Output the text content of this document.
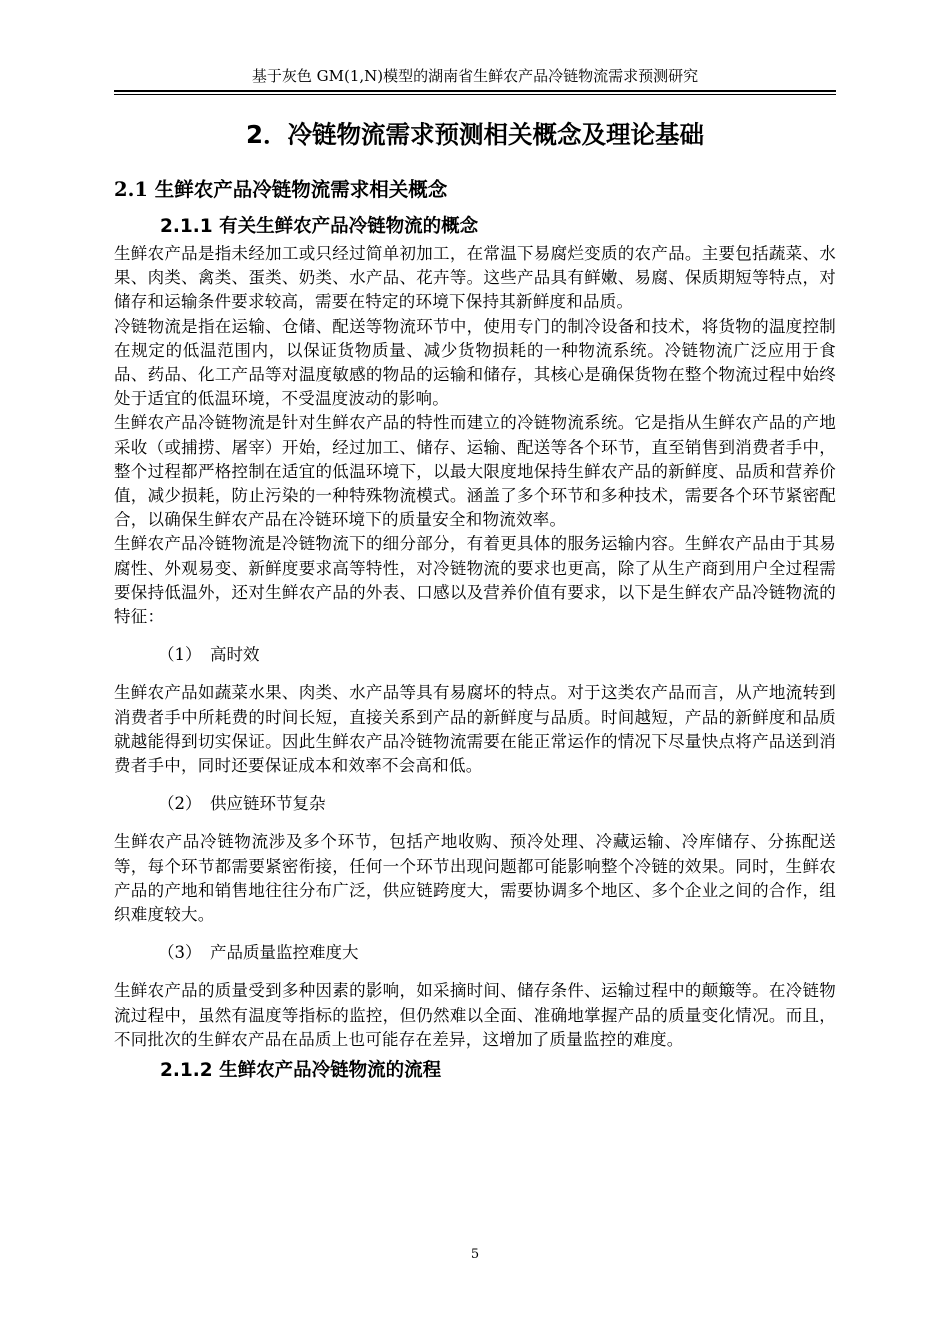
基于灰色 GM(1,N)模型的湖南省生鲜农产品冷链物流需求预测研究
2．冷链物流需求预测相关概念及理论基础
2.1 生鲜农产品冷链物流需求相关概念
2.1.1 有关生鲜农产品冷链物流的概念

生鲜农产品是指未经加工或只经过简单初加工，在常温下易腐烂变质的农产品。主要包括蔬菜、水果、肉类、禽类、蛋类、奶类、水产品、花卉等。这些产品具有鲜嫩、易腐、保质期短等特点，对储存和运输条件要求较高，需要在特定的环境下保持其新鲜度和品质。

冷链物流是指在运输、仓储、配送等物流环节中，使用专门的制冷设备和技术，将货物的温度控制在规定的低温范围内，以保证货物质量、减少货物损耗的一种物流系统。冷链物流广泛应用于食品、药品、化工产品等对温度敏感的物品的运输和储存，其核心是确保货物在整个物流过程中始终处于适宜的低温环境，不受温度波动的影响。

生鲜农产品冷链物流是针对生鲜农产品的特性而建立的冷链物流系统。它是指从生鲜农产品的产地采收（或捕捞、屠宰）开始，经过加工、储存、运输、配送等各个环节，直至销售到消费者手中，整个过程都严格控制在适宜的低温环境下，以最大限度地保持生鲜农产品的新鲜度、品质和营养价值，减少损耗，防止污染的一种特殊物流模式。涵盖了多个环节和多种技术，需要各个环节紧密配合，以确保生鲜农产品在冷链环境下的质量安全和物流效率。

生鲜农产品冷链物流是冷链物流下的细分部分，有着更具体的服务运输内容。生鲜农产品由于其易腐性、外观易变、新鲜度要求高等特性，对冷链物流的要求也更高，除了从生产商到用户全过程需要保持低温外，还对生鲜农产品的外表、口感以及营养价值有要求，以下是生鲜农产品冷链物流的特征：

（1） 高时效

生鲜农产品如蔬菜水果、肉类、水产品等具有易腐坏的特点。对于这类农产品而言，从产地流转到消费者手中所耗费的时间长短，直接关系到产品的新鲜度与品质。时间越短，产品的新鲜度和品质就越能得到切实保证。因此生鲜农产品冷链物流需要在能正常运作的情况下尽量快点将产品送到消费者手中，同时还要保证成本和效率不会高和低。

（2） 供应链环节复杂

生鲜农产品冷链物流涉及多个环节，包括产地收购、预冷处理、冷藏运输、冷库储存、分拣配送等，每个环节都需要紧密衔接，任何一个环节出现问题都可能影响整个冷链的效果。同时，生鲜农产品的产地和销售地往往分布广泛，供应链跨度大，需要协调多个地区、多个企业之间的合作，组织难度较大。

（3） 产品质量监控难度大

生鲜农产品的质量受到多种因素的影响，如采摘时间、储存条件、运输过程中的颠簸等。在冷链物流过程中，虽然有温度等指标的监控，但仍然难以全面、准确地掌握产品的质量变化情况。而且，不同批次的生鲜农产品在品质上也可能存在差异，这增加了质量监控的难度。

2.1.2 生鲜农产品冷链物流的流程
5
